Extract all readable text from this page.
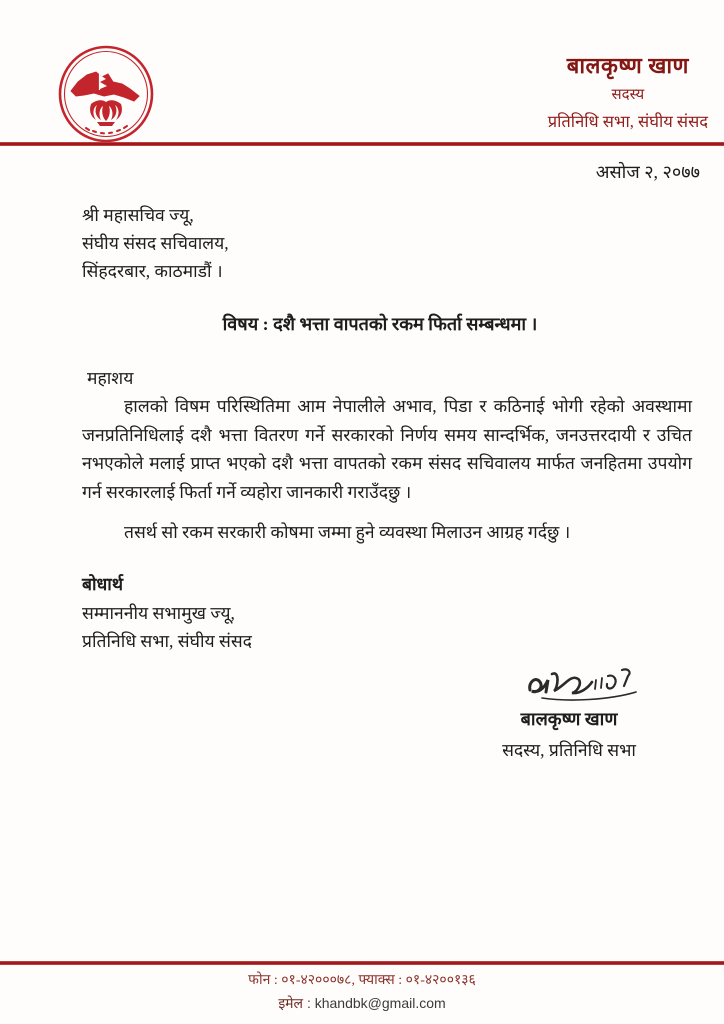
बालकृष्ण खाण
सदस्य
प्रतिनिधि सभा, संघीय संसद
असोज २, २०७७
श्री महासचिव ज्यू,
संघीय संसद सचिवालय,
सिंहदरबार, काठमाडौं ।
विषय : दशै भत्ता वापतको रकम फिर्ता सम्बन्धमा ।
महाशय
हालको विषम परिस्थितिमा आम नेपालीले अभाव, पिडा र कठिनाई भोगी रहेको अवस्थामा जनप्रतिनिधिलाई दशै भत्ता वितरण गर्ने सरकारको निर्णय समय सान्दर्भिक, जनउत्तरदायी र उचित नभएकोले मलाई प्राप्त भएको दशै भत्ता वापतको रकम संसद सचिवालय मार्फत जनहितमा उपयोग गर्न सरकारलाई फिर्ता गर्ने व्यहोरा जानकारी गराउँदछु ।
तसर्थ सो रकम सरकारी कोषमा जम्मा हुने व्यवस्था मिलाउन आग्रह गर्दछु ।
बोधार्थ
सम्माननीय सभामुख ज्यू,
प्रतिनिधि सभा, संघीय संसद
बालकृष्ण खाण
सदस्य, प्रतिनिधि सभा
फोन : ०१-४२०००७८, फ्याक्स : ०१-४२००१३६
इमेल : khandbk@gmail.com
